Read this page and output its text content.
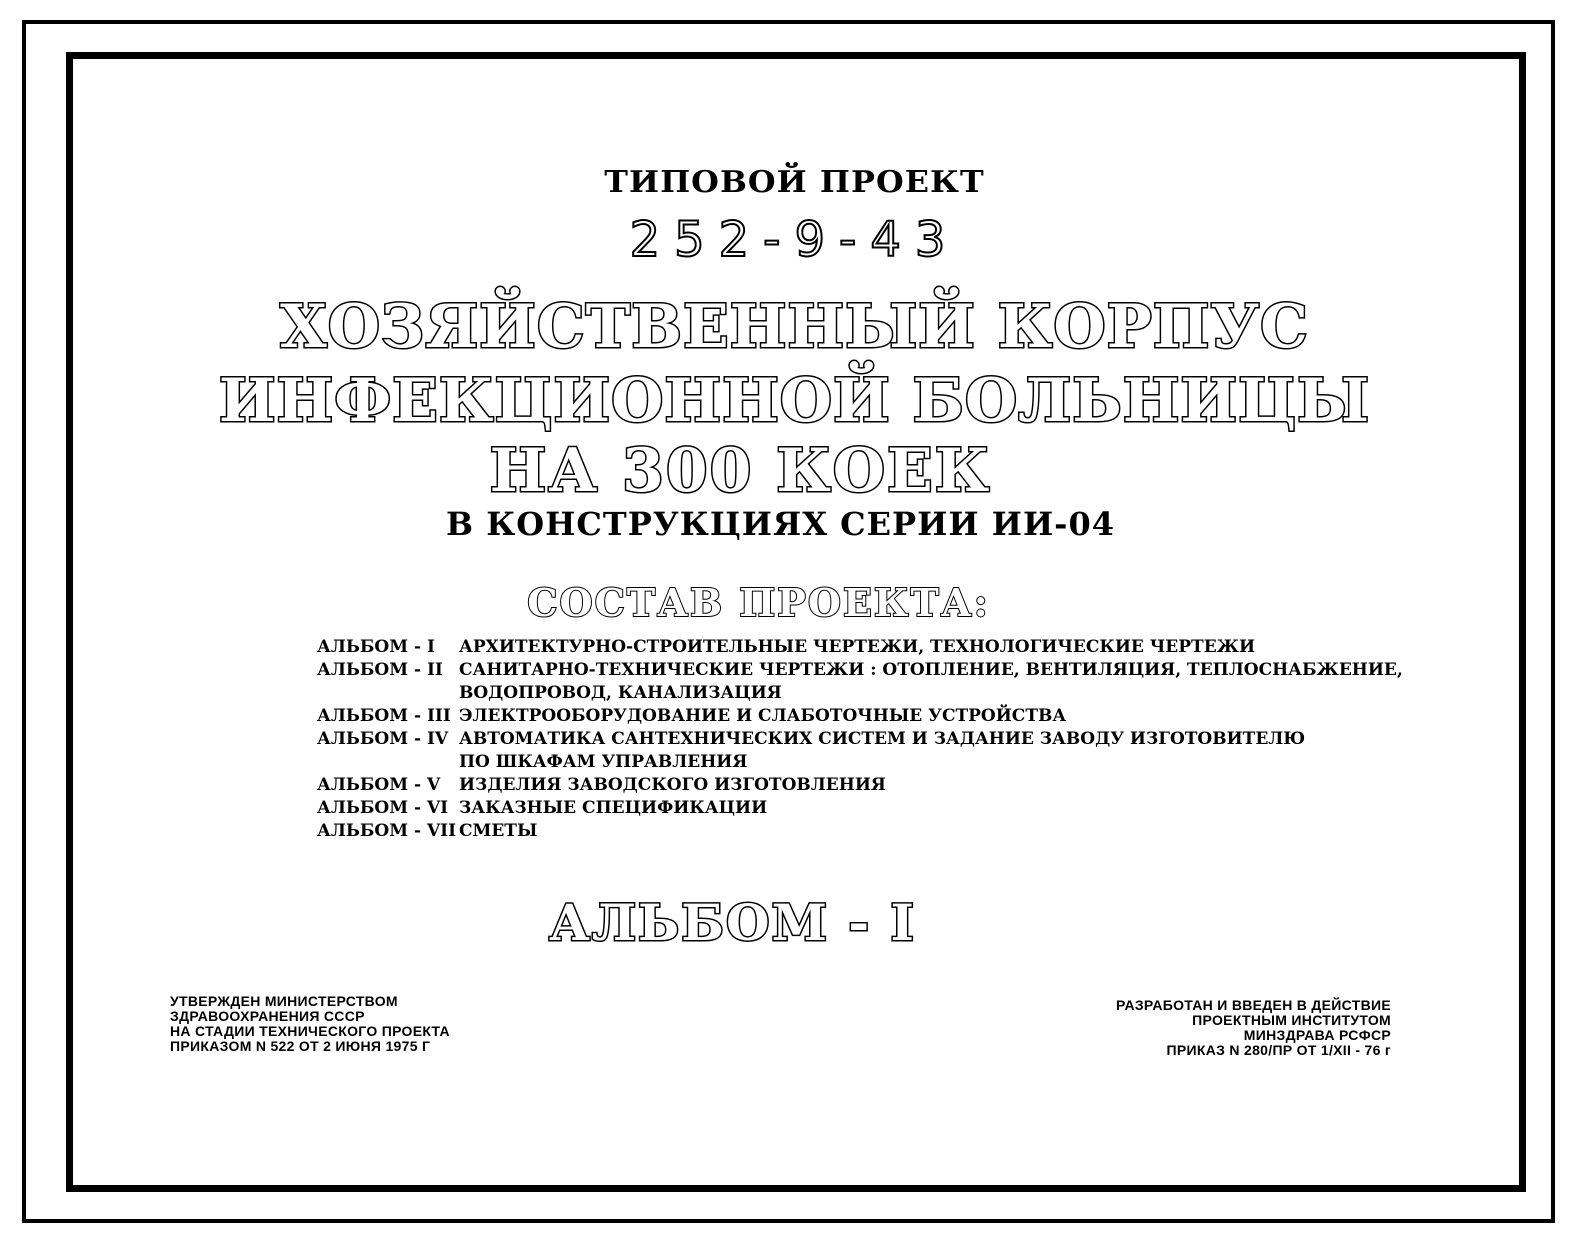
ТИПОВОЙ ПРОЕКТ
252-9-43
ХОЗЯЙСТВЕННЫЙ КОРПУС
ИНФЕКЦИОННОЙ БОЛЬНИЦЫ
НА 300 КОЕК
В КОНСТРУКЦИЯХ СЕРИИ ИИ-04
СОСТАВ ПРОЕКТА:
АЛЬБОМ - I	АРХИТЕКТУРНО-СТРОИТЕЛЬНЫЕ ЧЕРТЕЖИ, ТЕХНОЛОГИЧЕСКИЕ ЧЕРТЕЖИ
АЛЬБОМ - II САНИТАРНО-ТЕХНИЧЕСКИЕ ЧЕРТЕЖИ : ОТОПЛЕНИЕ, ВЕНТИЛЯЦИЯ, ТЕПЛОСНАБЖЕНИЕ,
ВОДОПРОВОД, КАНАЛИЗАЦИЯ
АЛЬБОМ - III ЭЛЕКТРООБОРУДОВАНИЕ И СЛАБОТОЧНЫЕ УСТРОЙСТВА
АЛЬБОМ - IV АВТОМАТИКА САНТЕХНИЧЕСКИХ СИСТЕМ И ЗАДАНИЕ ЗАВОДУ ИЗГОТОВИТЕЛЮ
ПО ШКАФАМ УПРАВЛЕНИЯ
АЛЬБОМ - V	ИЗДЕЛИЯ ЗАВОДСКОГО ИЗГОТОВЛЕНИЯ
АЛЬБОМ - VI ЗАКАЗНЫЕ СПЕЦИФИКАЦИИ
АЛЬБОМ - VII СМЕТЫ
АЛЬБОМ - I
УТВЕРЖДЕН МИНИСТЕРСТВОМ
ЗДРАВООХРАНЕНИЯ СССР
НА СТАДИИ ТЕХНИЧЕСКОГО ПРОЕКТА
ПРИКАЗОМ N 522 ОТ 2 ИЮНЯ 1975 Г
РАЗРАБОТАН И ВВЕДЕН В ДЕЙСТВИЕ
ПРОЕКТНЫМ ИНСТИТУТОМ
МИНЗДРАВА РСФСР
ПРИКАЗ N 280/ПР ОТ 1/XII - 76 г
